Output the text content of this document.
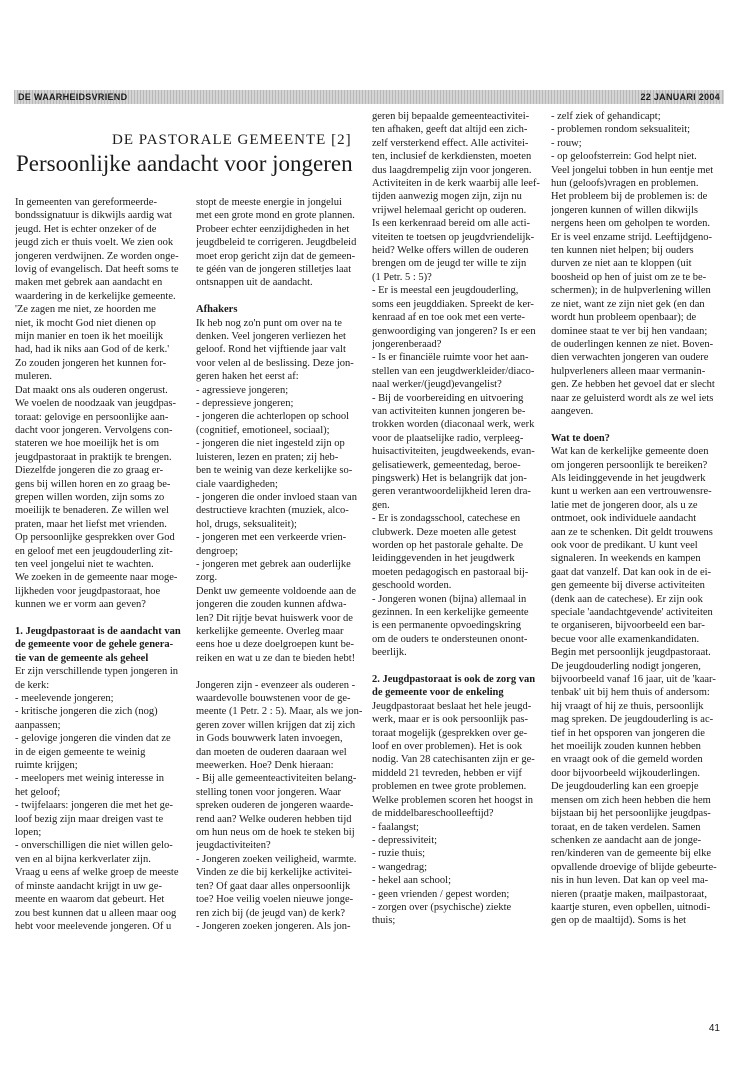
DE WAARHEIDSVRIEND	22 JANUARI 2004
DE PASTORALE GEMEENTE [2]
Persoonlijke aandacht voor jongeren

In gemeenten van gereformeerde-
bondssignatuur is dikwijls aardig wat
jeugd. Het is echter onzeker of de
jeugd zich er thuis voelt. We zien ook
jongeren verdwijnen. Ze worden onge-
lovig of evangelisch. Dat heeft soms te
maken met gebrek aan aandacht en
waardering in de kerkelijke gemeente.
'Ze zagen me niet, ze hoorden me
niet, ik mocht God niet dienen op
mijn manier en toen ik het moeilijk
had, had ik niks aan God of de kerk.'
Zo zouden jongeren het kunnen for-
muleren.
Dat maakt ons als ouderen ongerust.
We voelen de noodzaak van jeugdpas-
toraat: gelovige en persoonlijke aan-
dacht voor jongeren. Vervolgens con-
stateren we hoe moeilijk het is om
jeugdpastoraat in praktijk te brengen.
Diezelfde jongeren die zo graag er-
gens bij willen horen en zo graag be-
grepen willen worden, zijn soms zo
moeilijk te benaderen. Ze willen wel
praten, maar het liefst met vrienden.
Op persoonlijke gesprekken over God
en geloof met een jeugdouderling zit-
ten veel jongelui niet te wachten.
We zoeken in de gemeente naar moge-
lijkheden voor jeugdpastoraat, hoe
kunnen we er vorm aan geven?

1. Jeugdpastoraat is de aandacht van
de gemeente voor de gehele genera-
tie van de gemeente als geheel

Er zijn verschillende typen jongeren in
de kerk:
- meelevende jongeren;
- kritische jongeren die zich (nog)
aanpassen;
- gelovige jongeren die vinden dat ze
in de eigen gemeente te weinig
ruimte krijgen;
- meelopers met weinig interesse in
het geloof;
- twijfelaars: jongeren die met het ge-
loof bezig zijn maar dreigen vast te
lopen;
- onverschilligen die niet willen gelo-
ven en al bijna kerkverlater zijn.
Vraag u eens af welke groep de meeste
of minste aandacht krijgt in uw ge-
meente en waarom dat gebeurt. Het
zou best kunnen dat u alleen maar oog
hebt voor meelevende jongeren. Of u

stopt de meeste energie in jongelui
met een grote mond en grote plannen.
Probeer echter eenzijdigheden in het
jeugdbeleid te corrigeren. Jeugdbeleid
moet erop gericht zijn dat de gemeen-
te géén van de jongeren stilletjes laat
ontsnappen uit de aandacht.

Afhakers

Ik heb nog zo'n punt om over na te
denken. Veel jongeren verliezen het
geloof. Rond het vijftiende jaar valt
voor velen al de beslissing. Deze jon-
geren haken het eerst af:
- agressieve jongeren;
- depressieve jongeren;
- jongeren die achterlopen op school
(cognitief, emotioneel, sociaal);
- jongeren die niet ingesteld zijn op
luisteren, lezen en praten; zij heb-
ben te weinig van deze kerkelijke so-
ciale vaardigheden;
- jongeren die onder invloed staan van
destructieve krachten (muziek, alco-
hol, drugs, seksualiteit);
- jongeren met een verkeerde vrien-
dengroep;
- jongeren met gebrek aan ouderlijke
zorg.
Denkt uw gemeente voldoende aan de
jongeren die zouden kunnen afdwa-
len? Dit rijtje bevat huiswerk voor de
kerkelijke gemeente. Overleg maar
eens hoe u deze doelgroepen kunt be-
reiken en wat u ze dan te bieden hebt!

Jongeren zijn - evenzeer als ouderen -
waardevolle bouwstenen voor de ge-
meente (1 Petr. 2 : 5). Maar, als we jon-
geren zover willen krijgen dat zij zich
in Gods bouwwerk laten invoegen,
dan moeten de ouderen daaraan wel
meewerken. Hoe? Denk hieraan:
- Bij alle gemeenteactiviteiten belang-
stelling tonen voor jongeren. Waar
spreken ouderen de jongeren waarde-
rend aan? Welke ouderen hebben tijd
om hun neus om de hoek te steken bij
jeugdactiviteiten?
- Jongeren zoeken veiligheid, warmte.
Vinden ze die bij kerkelijke activitei-
ten? Of gaat daar alles onpersoonlijk
toe? Hoe veilig voelen nieuwe jonge-
ren zich bij (de jeugd van) de kerk?
- Jongeren zoeken jongeren. Als jon-

geren bij bepaalde gemeenteactivitei-
ten afhaken, geeft dat altijd een zich-
zelf versterkend effect. Alle activitei-
ten, inclusief de kerkdiensten, moeten
dus laagdrempelig zijn voor jongeren.
Activiteiten in de kerk waarbij alle leef-
tijden aanwezig mogen zijn, zijn nu
vrijwel helemaal gericht op ouderen.
Is een kerkenraad bereid om alle acti-
viteiten te toetsen op jeugdvriendelijk-
heid? Welke offers willen de ouderen
brengen om de jeugd ter wille te zijn
(1 Petr. 5 : 5)?
- Er is meestal een jeugdouderling,
soms een jeugddiaken. Spreekt de ker-
kenraad af en toe ook met een verte-
genwoordiging van jongeren? Is er een
jongerenberaad?
- Is er financiële ruimte voor het aan-
stellen van een jeugdwerkleider/diaco-
naal werker/(jeugd)evangelist?
- Bij de voorbereiding en uitvoering
van activiteiten kunnen jongeren be-
trokken worden (diaconaal werk, werk
voor de plaatselijke radio, verpleeg-
huisactiviteiten, jeugdweekends, evan-
gelisatiewerk, gemeentedag, beroe-
pingswerk) Het is belangrijk dat jon-
geren verantwoordelijkheid leren dra-
gen.
- Er is zondagsschool, catechese en
clubwerk. Deze moeten alle getest
worden op het pastorale gehalte. De
leidinggevenden in het jeugdwerk
moeten pedagogisch en pastoraal bij-
geschoold worden.
- Jongeren wonen (bijna) allemaal in
gezinnen. In een kerkelijke gemeente
is een permanente opvoedingskring
om de ouders te ondersteunen onont-
beerlijk.

2. Jeugdpastoraat is ook de zorg van
de gemeente voor de enkeling

Jeugdpastoraat beslaat het hele jeugd-
werk, maar er is ook persoonlijk pas-
toraat mogelijk (gesprekken over ge-
loof en over problemen). Het is ook
nodig. Van 28 catechisanten zijn er ge-
middeld 21 tevreden, hebben er vijf
problemen en twee grote problemen.
Welke problemen scoren het hoogst in
de middelbareschoolleeftijd?
- faalangst;
- depressiviteit;
- ruzie thuis;
- wangedrag;
- hekel aan school;
- geen vrienden / gepest worden;
- zorgen over (psychische) ziekte
thuis;

- zelf ziek of gehandicapt;
- problemen rondom seksualiteit;
- rouw;
- op geloofsterrein: God helpt niet.
Veel jongelui tobben in hun eentje met
hun (geloofs)vragen en problemen.
Het probleem bij de problemen is: de
jongeren kunnen of willen dikwijls
nergens heen om geholpen te worden.
Er is veel enzame strijd. Leeftijdgeno-
ten kunnen niet helpen; bij ouders
durven ze niet aan te kloppen (uit
boosheid op hen of juist om ze te be-
schermen); in de hulpverlening willen
ze niet, want ze zijn niet gek (en dan
wordt hun probleem openbaar); de
dominee staat te ver bij hen vandaan;
de ouderlingen kennen ze niet. Boven-
dien verwachten jongeren van oudere
hulpverleners alleen maar vermanin-
gen. Ze hebben het gevoel dat er slecht
naar ze geluisterd wordt als ze wel iets
aangeven.

Wat te doen?

Wat kan de kerkelijke gemeente doen
om jongeren persoonlijk te bereiken?
Als leidinggevende in het jeugdwerk
kunt u werken aan een vertrouwensre-
latie met de jongeren door, als u ze
ontmoet, ook individuele aandacht
aan ze te schenken. Dit geldt trouwens
ook voor de predikant. U kunt veel
signaleren. In weekends en kampen
gaat dat vanzelf. Dat kan ook in de ei-
gen gemeente bij diverse activiteiten
(denk aan de catechese). Er zijn ook
speciale 'aandachtgevende' activiteiten
te organiseren, bijvoorbeeld een bar-
becue voor alle examenkandidaten.
Begin met persoonlijk jeugdpastoraat.
De jeugdouderling nodigt jongeren,
bijvoorbeeld vanaf 16 jaar, uit de 'kaar-
tenbak' uit bij hem thuis of andersom:
hij vraagt of hij ze thuis, persoonlijk
mag spreken. De jeugdouderling is ac-
tief in het opsporen van jongeren die
het moeilijk zouden kunnen hebben
en vraagt ook of die gemeld worden
door bijvoorbeeld wijkouderlingen.
De jeugdouderling kan een groepje
mensen om zich heen hebben die hem
bijstaan bij het persoonlijke jeugdpas-
toraat, en de taken verdelen. Samen
schenken ze aandacht aan de jonge-
ren/kinderen van de gemeente bij elke
opvallende droevige of blijde gebeurte-
nis in hun leven. Dat kan op veel ma-
nieren (praatje maken, mailpastoraat,
kaartje sturen, even opbellen, uitnodi-
gen op de maaltijd). Soms is het

41
